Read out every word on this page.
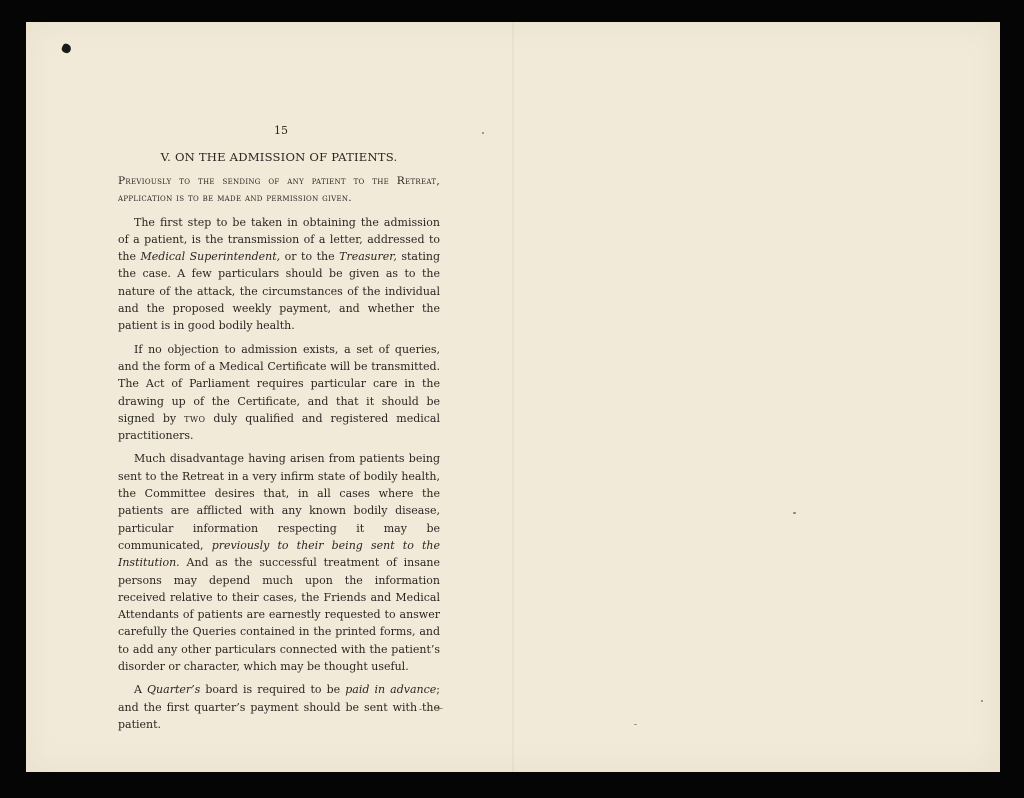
15
V. ON THE ADMISSION OF PATIENTS.
Previously to the sending of any patient to the Retreat, application is to be made and permission given.

The first step to be taken in obtaining the admission of a patient, is the transmission of a letter, addressed to the Medical Superintendent, or to the Treasurer, stating the case. A few particulars should be given as to the nature of the attack, the circumstances of the individual and the proposed weekly payment, and whether the patient is in good bodily health.

If no objection to admission exists, a set of queries, and the form of a Medical Certificate will be transmitted. The Act of Parliament requires particular care in the drawing up of the Certificate, and that it should be signed by two duly qualified and registered medical practitioners.

Much disadvantage having arisen from patients being sent to the Retreat in a very infirm state of bodily health, the Committee desires that, in all cases where the patients are afflicted with any known bodily disease, particular information respecting it may be communicated, previously to their being sent to the Institution. And as the successful treatment of insane persons may depend much upon the information received relative to their cases, the Friends and Medical Attendants of patients are earnestly requested to answer carefully the Queries contained in the printed forms, and to add any other particulars connected with the patient’s disorder or character, which may be thought useful.

A Quarter’s board is required to be paid in advance; and the first quarter’s payment should be sent with the patient.
